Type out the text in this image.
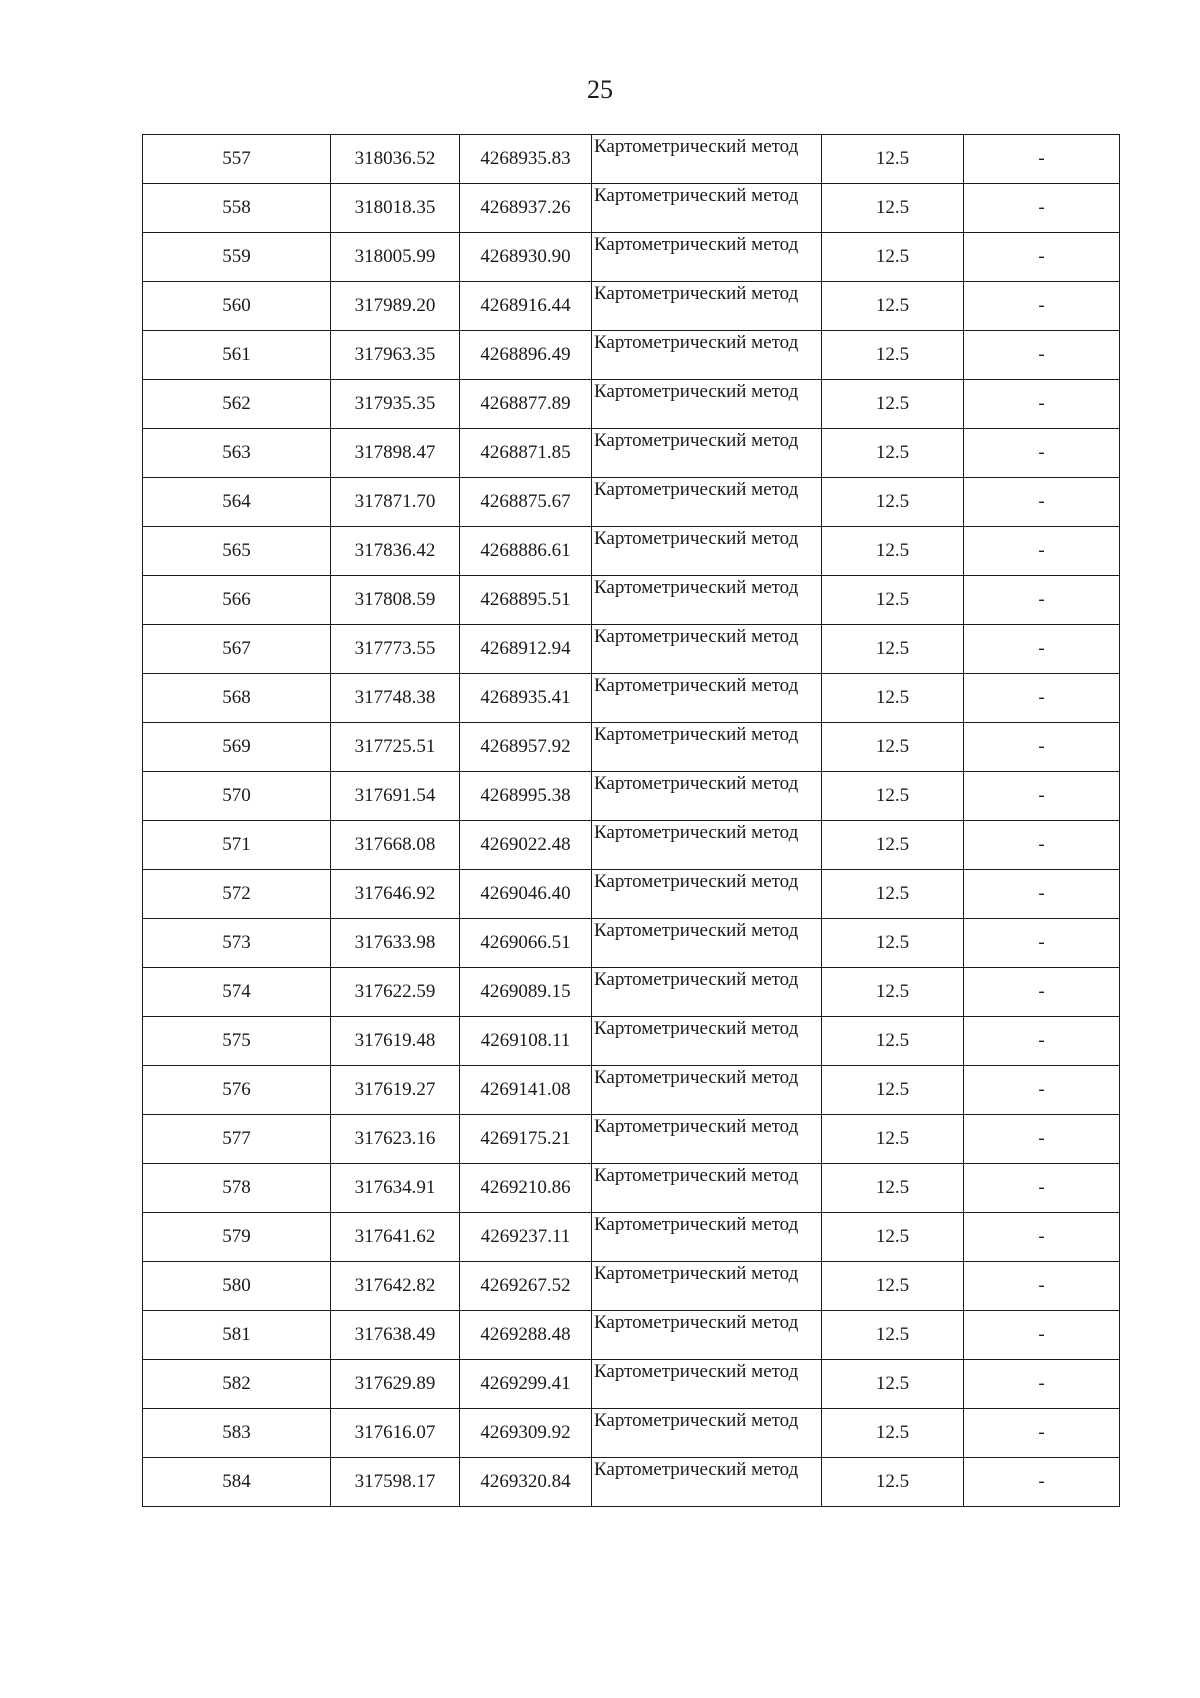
25
557	318036.52	4268935.83	Картометрический метод	12.5	-
558	318018.35	4268937.26	Картометрический метод	12.5	-
559	318005.99	4268930.90	Картометрический метод	12.5	-
560	317989.20	4268916.44	Картометрический метод	12.5	-
561	317963.35	4268896.49	Картометрический метод	12.5	-
562	317935.35	4268877.89	Картометрический метод	12.5	-
563	317898.47	4268871.85	Картометрический метод	12.5	-
564	317871.70	4268875.67	Картометрический метод	12.5	-
565	317836.42	4268886.61	Картометрический метод	12.5	-
566	317808.59	4268895.51	Картометрический метод	12.5	-
567	317773.55	4268912.94	Картометрический метод	12.5	-
568	317748.38	4268935.41	Картометрический метод	12.5	-
569	317725.51	4268957.92	Картометрический метод	12.5	-
570	317691.54	4268995.38	Картометрический метод	12.5	-
571	317668.08	4269022.48	Картометрический метод	12.5	-
572	317646.92	4269046.40	Картометрический метод	12.5	-
573	317633.98	4269066.51	Картометрический метод	12.5	-
574	317622.59	4269089.15	Картометрический метод	12.5	-
575	317619.48	4269108.11	Картометрический метод	12.5	-
576	317619.27	4269141.08	Картометрический метод	12.5	-
577	317623.16	4269175.21	Картометрический метод	12.5	-
578	317634.91	4269210.86	Картометрический метод	12.5	-
579	317641.62	4269237.11	Картометрический метод	12.5	-
580	317642.82	4269267.52	Картометрический метод	12.5	-
581	317638.49	4269288.48	Картометрический метод	12.5	-
582	317629.89	4269299.41	Картометрический метод	12.5	-
583	317616.07	4269309.92	Картометрический метод	12.5	-
584	317598.17	4269320.84	Картометрический метод	12.5	-
